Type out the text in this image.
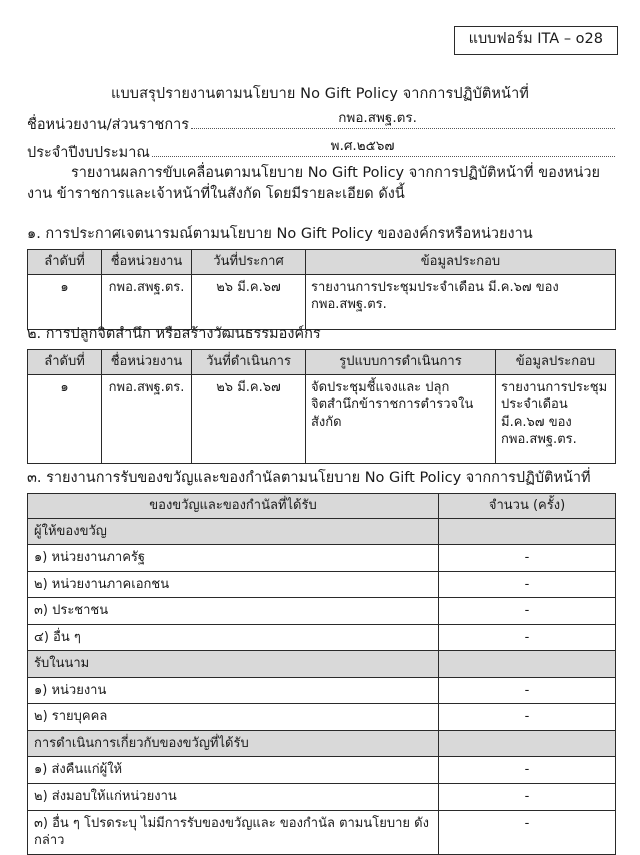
แบบฟอร์ม ITA – o28
แบบสรุปรายงานตามนโยบาย No Gift Policy จากการปฏิบัติหน้าที่
ชื่อหน่วยงาน/ส่วนราชการ	กพอ.สพฐ.ตร.
ประจำปีงบประมาณ	พ.ศ.๒๕๖๗
รายงานผลการขับเคลื่อนตามนโยบาย No Gift Policy จากการปฏิบัติหน้าที่ ของหน่วยงาน ข้าราชการและเจ้าหน้าที่ในสังกัด โดยมีรายละเอียด ดังนี้
๑. การประกาศเจตนารมณ์ตามนโยบาย No Gift Policy ขององค์กรหรือหน่วยงาน
ลำดับที่	ชื่อหน่วยงาน	วันที่ประกาศ	ข้อมูลประกอบ
๑	กพอ.สพฐ.ตร.	๒๖ มี.ค.๖๗	รายงานการประชุมประจำเดือน มี.ค.๖๗ ของ กพอ.สพฐ.ตร.
๒. การปลูกจิตสำนึก หรือสร้างวัฒนธรรมองค์กร
ลำดับที่	ชื่อหน่วยงาน	วันที่ดำเนินการ	รูปแบบการดำเนินการ	ข้อมูลประกอบ
๑	กพอ.สพฐ.ตร.	๒๖ มี.ค.๖๗	จัดประชุมชี้แจงและ ปลุกจิตสำนึกข้าราชการตำรวจในสังกัด	รายงานการประชุมประจำเดือน มี.ค.๖๗ ของ กพอ.สพฐ.ตร.
๓. รายงานการรับของขวัญและของกำนัลตามนโยบาย No Gift Policy จากการปฏิบัติหน้าที่
ของขวัญและของกำนัลที่ได้รับ	จำนวน (ครั้ง)
ผู้ให้ของขวัญ	
๑) หน่วยงานภาครัฐ	-
๒) หน่วยงานภาคเอกชน	-
๓) ประชาชน	-
๔) อื่น ๆ	-
รับในนาม	
๑) หน่วยงาน	-
๒) รายบุคคล	-
การดำเนินการเกี่ยวกับของขวัญที่ได้รับ	
๑) ส่งคืนแก่ผู้ให้	-
๒) ส่งมอบให้แก่หน่วยงาน	-
๓) อื่น ๆ โปรดระบุ ไม่มีการรับของขวัญและ ของกำนัล ตามนโยบาย ดังกล่าว	-
